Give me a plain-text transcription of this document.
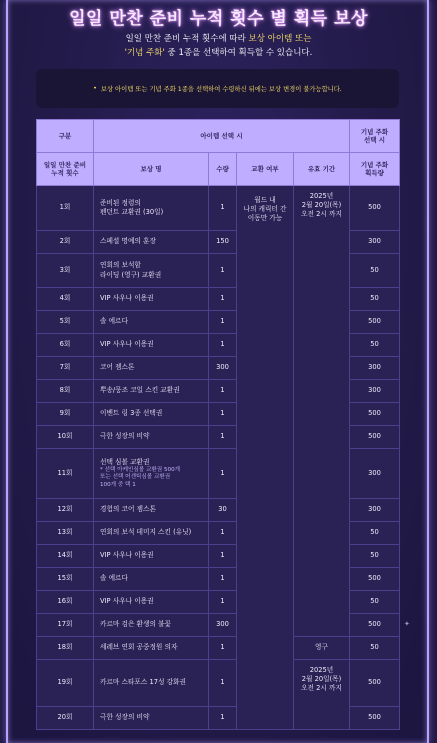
✦
일일 만찬 준비 누적 횟수 별 획득 보상
일일 만찬 준비 누적 횟수에 따라 보상 아이템 또는
'기념 주화' 중 1종을 선택하여 획득할 수 있습니다.
• 보상 아이템 또는 기념 주화 1종을 선택하여 수령하신 뒤에는 보상 변경이 불가능합니다.
구분	아이템 선택 시				기념 주화
선택 시
일일 만찬 준비
누적 횟수	보상 명	수량	교환 여부	유효 기간	기념 주화
획득량
1회	준비된 정령의
펜던트 교환권 (30일)	1	월드 내
나의 캐릭터 간
이동만 가능	2025년
2월 20일(목)
오전 2시 까지	500
2회	스페셜 명예의 훈장	150			300
3회	연회의 보석함
라이딩 (영구) 교환권	1			50
4회	VIP 사우나 이용권	1			50
5회	솔 에르다	1			500
6회	VIP 사우나 이용권	1			50
7회	코어 젬스톤	300			300
8회	뿌송/뭉조 코일 스킨 교환권	1			300
9회	이벤트 링 3종 선택권	1			500
10회	극한 성장의 비약	1			500
11회	선택 심볼 교환권
* 선택 아케인심볼 교환권 500개
또는 선택 어센틱심볼 교환권
100개 중 택 1	1			300
12회	경험의 코어 젬스톤	30			300
13회	연회의 보석 데미지 스킨 (유닛)	1			50
14회	VIP 사우나 이용권	1			50
15회	솔 에르다	1			500
16회	VIP 사우나 이용권	1			50
17회	카르마 검은 환생의 불꽃	300			500
18회	세레브 연회 공중정원 의자	1		영구	50
19회	카르마 스타포스 17성 강화권	1		2025년
2월 20일(목)
오전 2시 까지	500
20회	극한 성장의 비약	1			500
